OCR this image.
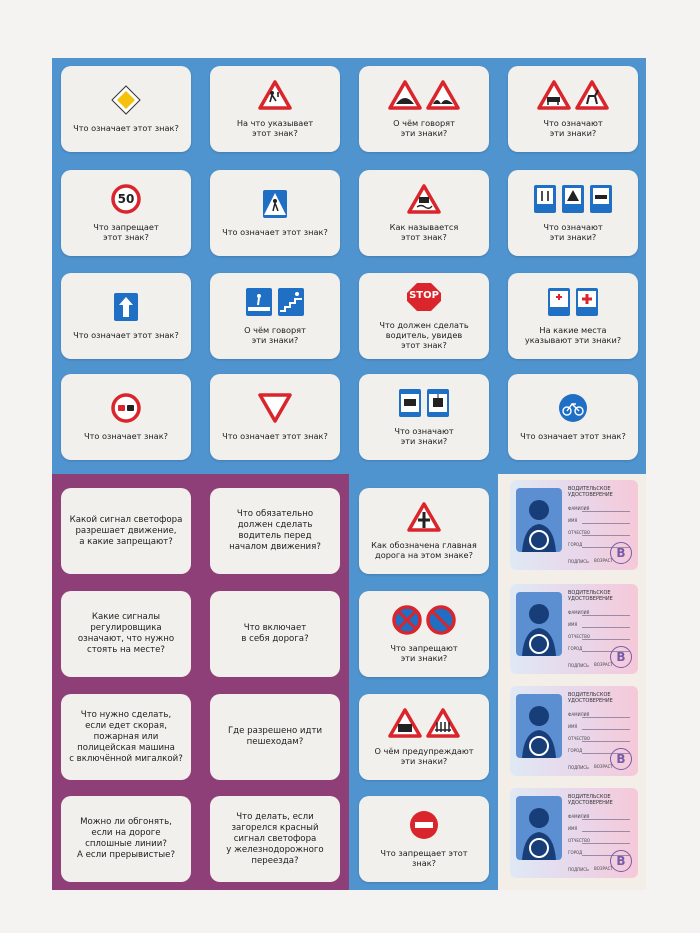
Что означает этот знак?	На что указывает
этот знак?
О чём говорят
эти знаки?
Что означают
эти знаки?
50
Что запрещает
этот знак?	Что означает этот знак?	Как называется
этот знак?
Что означают
эти знаки?
Что означает этот знак?	О чём говорят
эти знаки?
STOP
Что должен сделать
водитель, увидев
этот знак?
На какие места
указывают эти знаки?
Что означает знак?	Что означает этот знак?	Что означают
эти знаки?	Что означает этот знак?
Какой сигнал светофора
разрешает движение,
а какие запрещают?
Что обязательно
должен сделать
водитель перед
началом движения?
Какие сигналы
регулировщика
означают, что нужно
стоять на месте?
Что включает
в себя дорога?
Что нужно сделать,
если едет скорая,
пожарная или
полицейская машина
с включённой мигалкой?
Где разрешено идти
пешеходам?
Можно ли обгонять,
если на дороге
сплошные линии?
А если прерывистые?
Что делать, если
загорелся красный
сигнал светофора
у железнодорожного
переезда?
Как обозначена главная
дорога на этом знаке?
Что запрещают
эти знаки?
О чём предупреждают
эти знаки?
Что запрещает этот
знак?
ВОДИТЕЛЬСКОЕ
УДОСТОВЕРЕНИЕ
ФАМИЛИЯ
ИМЯ
ОТЧЕСТВО
ГОРОД
ПОДПИСЬ ВОЗРАСТ
B
ВОДИТЕЛЬСКОЕ
УДОСТОВЕРЕНИЕ
ФАМИЛИЯ
ИМЯ
ОТЧЕСТВО
ГОРОД
ПОДПИСЬ ВОЗРАСТ
B
ВОДИТЕЛЬСКОЕ
УДОСТОВЕРЕНИЕ
ФАМИЛИЯ
ИМЯ
ОТЧЕСТВО
ГОРОД
ПОДПИСЬ ВОЗРАСТ
B
ВОДИТЕЛЬСКОЕ
УДОСТОВЕРЕНИЕ
ФАМИЛИЯ
ИМЯ
ОТЧЕСТВО
ГОРОД
ПОДПИСЬ ВОЗРАСТ
B
